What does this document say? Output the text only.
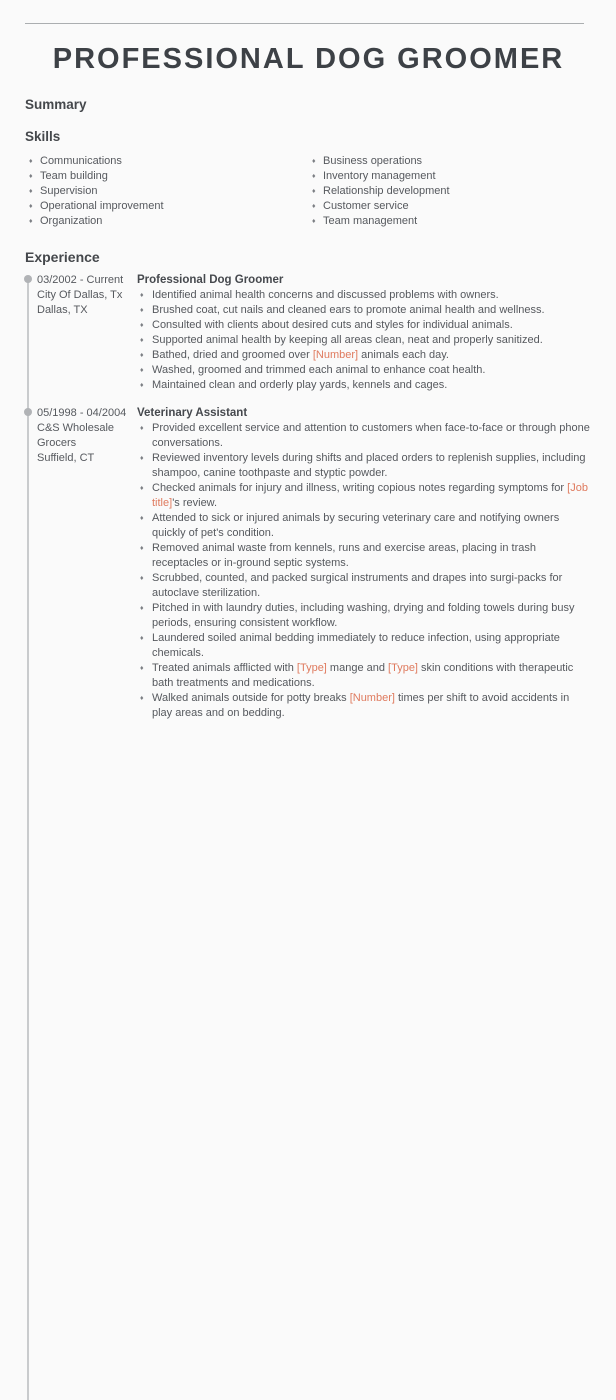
PROFESSIONAL DOG GROOMER
Summary
Skills
♦ Communications
♦ Team building
♦ Supervision
♦ Operational improvement
♦ Organization
♦ Business operations
♦ Inventory management
♦ Relationship development
♦ Customer service
♦ Team management
Experience
03/2002 - Current
City Of Dallas, Tx
Dallas, TX
Professional Dog Groomer
♦ Identified animal health concerns and discussed problems with owners.
♦ Brushed coat, cut nails and cleaned ears to promote animal health and wellness.
♦ Consulted with clients about desired cuts and styles for individual animals.
♦ Supported animal health by keeping all areas clean, neat and properly sanitized.
♦ Bathed, dried and groomed over [Number] animals each day.
♦ Washed, groomed and trimmed each animal to enhance coat health.
♦ Maintained clean and orderly play yards, kennels and cages.
05/1998 - 04/2004
C&S Wholesale Grocers
Suffield, CT
Veterinary Assistant
♦ Provided excellent service and attention to customers when face-to-face or through phone conversations.
♦ Reviewed inventory levels during shifts and placed orders to replenish supplies, including shampoo, canine toothpaste and styptic powder.
♦ Checked animals for injury and illness, writing copious notes regarding symptoms for [Job title]'s review.
♦ Attended to sick or injured animals by securing veterinary care and notifying owners quickly of pet's condition.
♦ Removed animal waste from kennels, runs and exercise areas, placing in trash receptacles or in-ground septic systems.
♦ Scrubbed, counted, and packed surgical instruments and drapes into surgi-packs for autoclave sterilization.
♦ Pitched in with laundry duties, including washing, drying and folding towels during busy periods, ensuring consistent workflow.
♦ Laundered soiled animal bedding immediately to reduce infection, using appropriate chemicals.
♦ Treated animals afflicted with [Type] mange and [Type] skin conditions with therapeutic bath treatments and medications.
♦ Walked animals outside for potty breaks [Number] times per shift to avoid accidents in play areas and on bedding.
